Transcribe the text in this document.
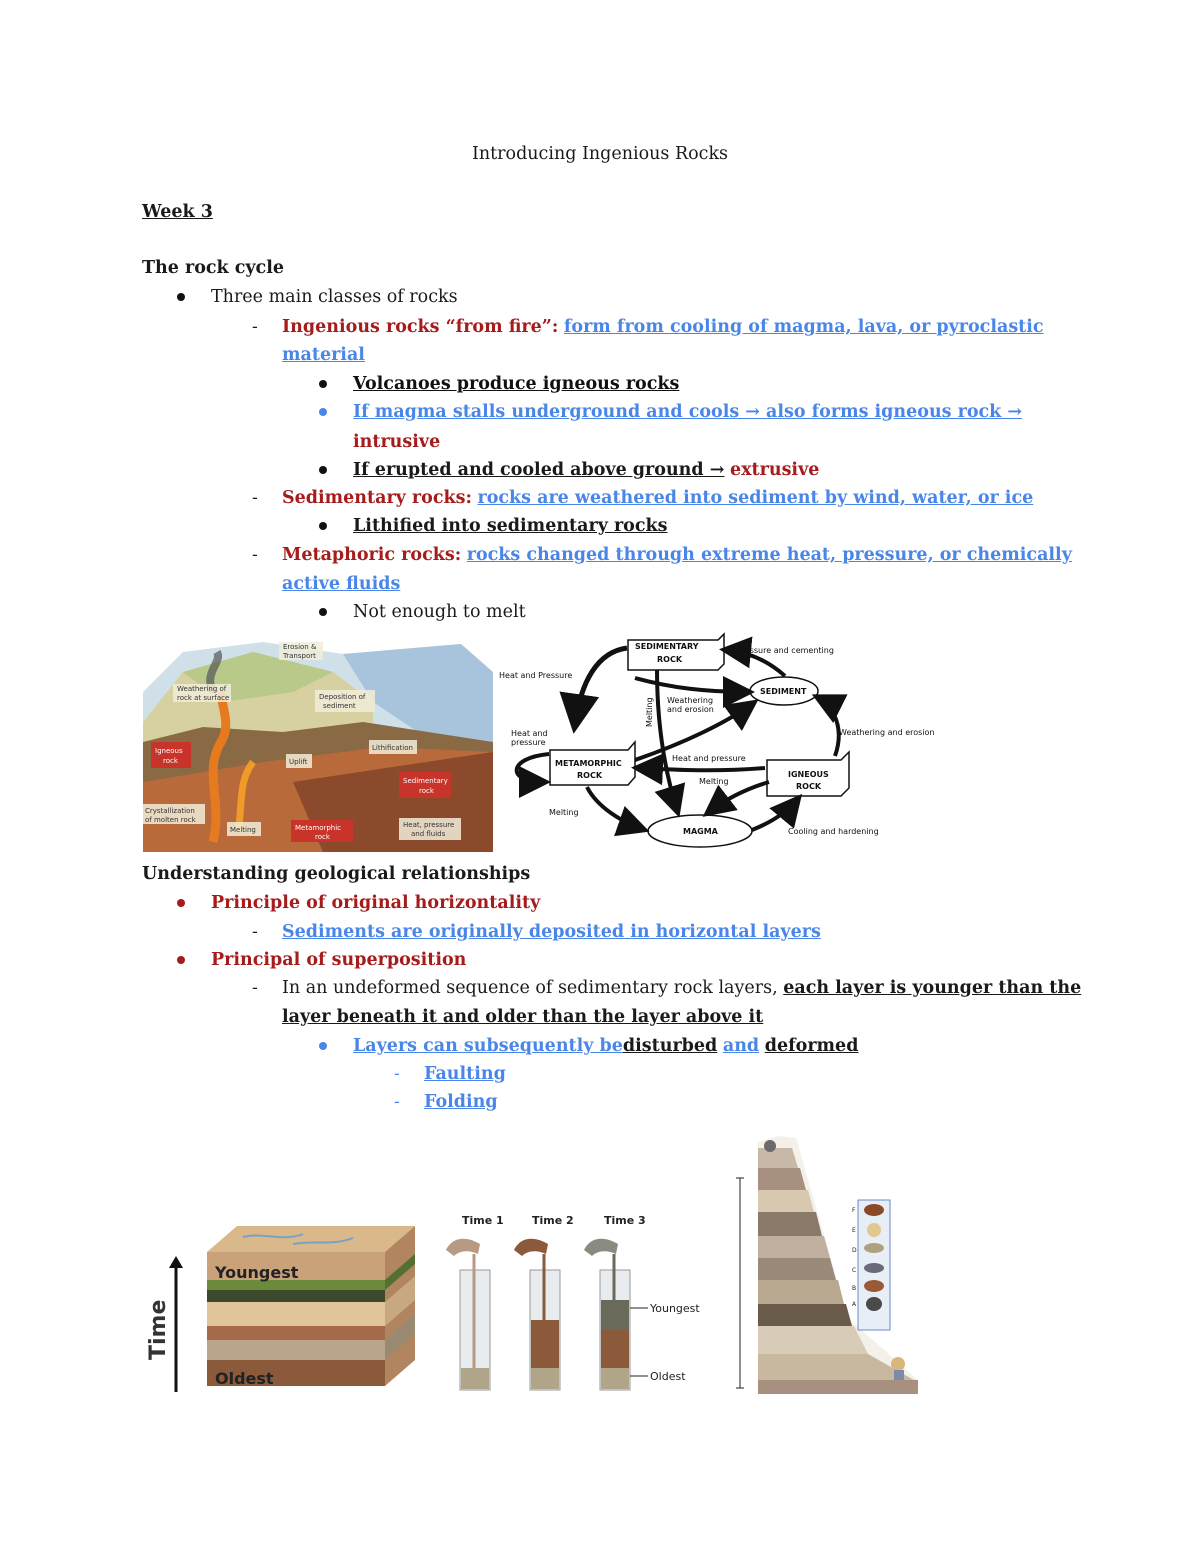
Introducing Ingenious Rocks
Week 3
The rock cycle
Three main classes of rocks
- Ingenious rocks “from fire”: form from cooling of magma, lava, or pyroclastic
material
Volcanoes produce igneous rocks
If magma stalls underground and cools → also forms igneous rock →
intrusive
If erupted and cooled above ground → extrusive
- Sedimentary rocks: rocks are weathered into sediment by wind, water, or ice
Lithified into sedimentary rocks
- Metaphoric rocks: rocks changed through extreme heat, pressure, or chemically
active fluids
Not enough to melt
Erosion &
Transport
Weathering of
rock at surface	Deposition of
sediment
Igneous
rock
Lithification
Uplift
Sedimentary
rock
Crystallization
of molten rock
Melting	Metamorphic
rock
Heat, pressure
and fluids
SEDIMENTARY
ROCK
SEDIMENT
METAMORPHIC
ROCK	IGNEOUS
ROCK
MAGMA
Pressure and cementing
Heat and Pressure
Melting Weathering
and erosion
Weathering and erosion
Heat and
pressure
Heat and pressure
Melting
Melting
Cooling and hardening
Understanding geological relationships
Principle of original horizontality
- Sediments are originally deposited in horizontal layers
Principal of superposition
- In an undeformed sequence of sedimentary rock layers, each layer is younger than the
layer beneath it and older than the layer above it
Layers can subsequently bedisturbed and deformed
- Faulting
- Folding
Time
Youngest
Oldest
Time 1	Time 2	Time 3
Youngest
Oldest
F
E
D
C
B
A
